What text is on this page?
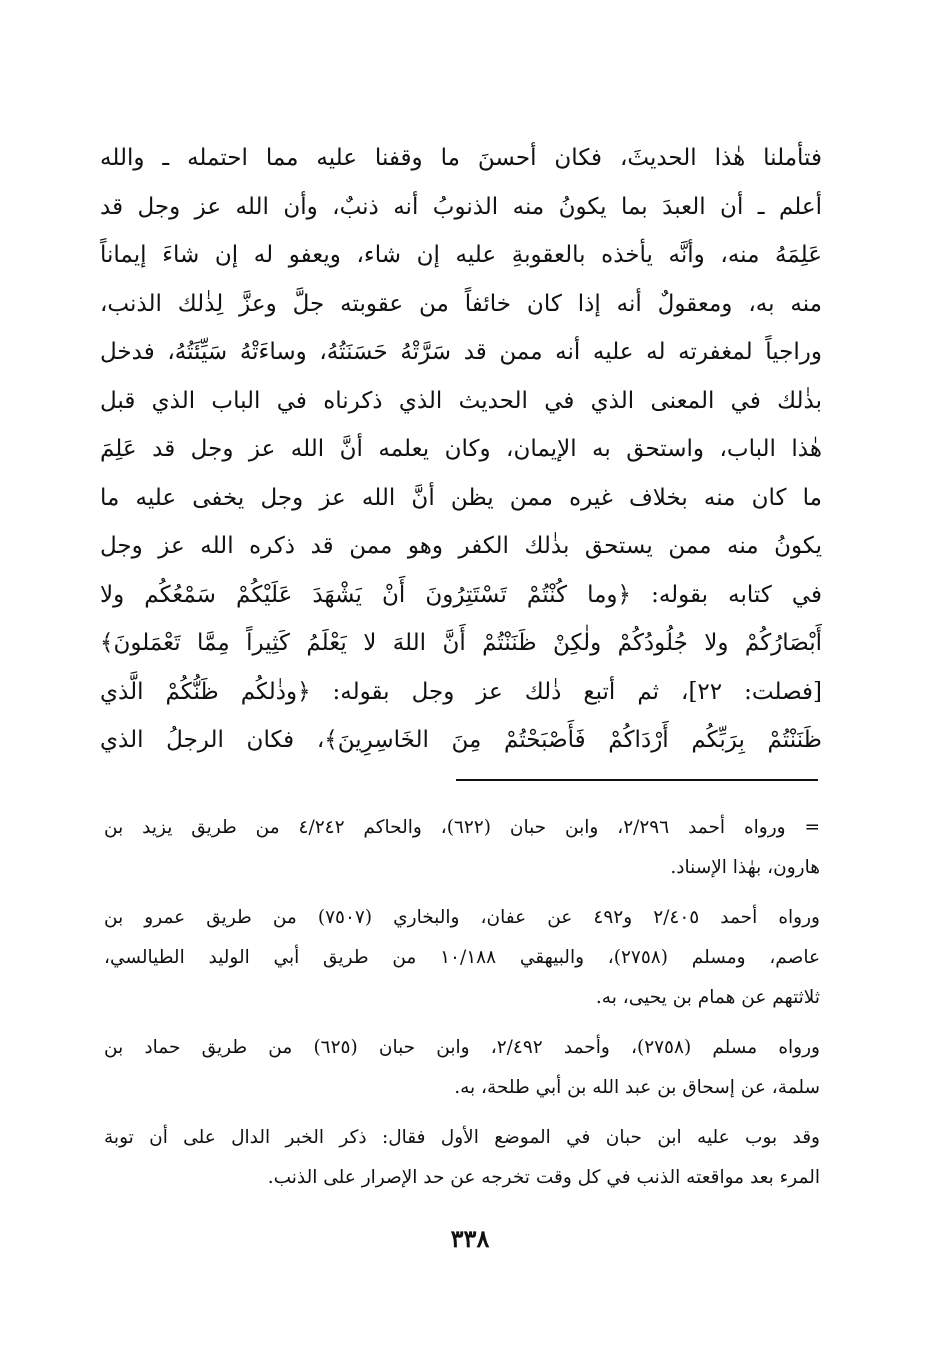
فتأملنا هٰذا الحديثَ، فكان أحسنَ ما وقفنا عليه مما احتمله ـ والله
أعلم ـ أن العبدَ بما يكونُ منه الذنوبُ أنه ذنبٌ، وأن الله عز وجل قد
عَلِمَهُ منه، وأنَّه يأخذه بالعقوبةِ عليه إن شاء، ويعفو له إن شاءَ إيماناً
منه به، ومعقولٌ أنه إذا كان خائفاً من عقوبته جلَّ وعزَّ لِذٰلك الذنب،
وراجياً لمغفرته له عليه أنه ممن قد سَرَّتْهُ حَسَنَتُهُ، وساءَتْهُ سَيِّئَتُهُ، فدخل
بذٰلك في المعنى الذي في الحديث الذي ذكرناه في الباب الذي قبل
هٰذا الباب، واستحق به الإيمان، وكان يعلمه أنَّ الله عز وجل قد عَلِمَ
ما كان منه بخلاف غيره ممن يظن أنَّ الله عز وجل يخفى عليه ما
يكونُ منه ممن يستحق بذٰلك الكفر وهو ممن قد ذكره الله عز وجل
في كتابه بقوله: ﴿وما كُنْتُمْ تَسْتَتِرُونَ أَنْ يَشْهَدَ عَلَيْكُمْ سَمْعُكُم ولا
أَبْصَارُكُمْ ولا جُلُودُكُمْ ولٰكِنْ ظَنَنْتُمْ أَنَّ اللهَ لا يَعْلَمُ كَثِيراً مِمَّا تَعْمَلونَ﴾
[فصلت: ٢٢]، ثم أتبع ذٰلك عز وجل بقوله: ﴿وذٰلكُم ظَنُّكُمْ الَّذي
ظَنَنْتُمْ بِرَبِّكُم أَرْدَاكُمْ فَأَصْبَحْتُمْ مِنَ الخَاسِرِينَ﴾، فكان الرجلُ الذي
= ورواه أحمد ٢/٢٩٦، وابن حبان (٦٢٢)، والحاكم ٤/٢٤٢ من طريق يزيد بن
هارون، بهٰذا الإسناد.
ورواه أحمد ٢/٤٠٥ و٤٩٢ عن عفان، والبخاري (٧٥٠٧) من طريق عمرو بن
عاصم، ومسلم (٢٧٥٨)، والبيهقي ١٠/١٨٨ من طريق أبي الوليد الطيالسي،
ثلاثتهم عن همام بن يحيى، به.
ورواه مسلم (٢٧٥٨)، وأحمد ٢/٤٩٢، وابن حبان (٦٢٥) من طريق حماد بن
سلمة، عن إسحاق بن عبد الله بن أبي طلحة، به.
وقد بوب عليه ابن حبان في الموضع الأول فقال: ذكر الخبر الدال على أن توبة
المرء بعد مواقعته الذنب في كل وقت تخرجه عن حد الإصرار على الذنب.
٣٣٨
